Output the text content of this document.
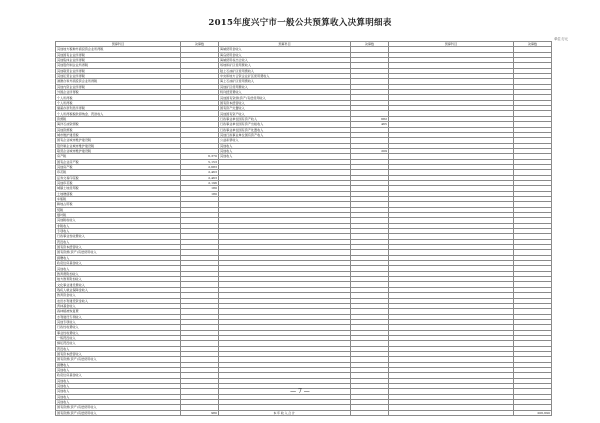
2015年度兴宁市一般公共预算收入决算明细表
单位:万元
预算科目	决算数	预算科目	决算数	预算科目	决算数
其他地方税种外商投资企业所得税		海域使用金收入			
其他国有企业所得税		海岛使用金收入			
其他集体企业所得税		海域使用权出让收入			
其他股份制企业所得税		场地和矿区使用费收入			
其他联营企业所得税		陆上石油矿区使用费收入			
其他私营企业所得税		中央和地方合资企业矿区使用费收入			
港澳台和外商投资企业所得税		海上石油矿区使用费收入			
其他内资企业所得税		其他矿区使用费收入			
外国企业所得税		特许经营费收入			
个人所得税		其他国有资源(资产)有偿使用收入			
个人所得税		国有资本经营收入			
储蓄存款利息所得税		国有资产处置收入			
个人所得税税款滞纳金、罚款收入		其他国有资产收入			
资源税		行政事业单位国有资产收入	682		
海洋石油资源税		行政事业单位国有资产出租收入	465		
其他资源税		行政事业单位国有资产处置收入			
城市维护建设税		其他行政事业单位国有资产收入			
国有企业城市维护建设税		公益彩票收入			
股份制企业城市维护建设税		其他收入			
联营企业城市维护建设税		其他收入	209		
房产税	6,370	其他收入			
国有企业房产税	5,153				
其他房产税	2,683				
印花税	2,463				
证券交易印花税	2,463				
其他印花税	2,196				
城镇土地使用税	180				
土地增值税	180				
车船税					
耕地占用税					
契税					
烟叶税					
其他税收收入					
非税收入					
专项收入					
行政事业性收费收入					
罚没收入					
国有资本经营收入					
国有资源(资产)有偿使用收入					
捐赠收入					
政府住房基金收入					
其他收入					
教育费附加收入					
地方教育附加收入					
文化事业建设费收入					
残疾人就业保障金收入					
教育资金收入					
农田水利建设资金收入					
育林基金收入					
森林植被恢复费					
水利建设专项收入					
其他专项收入					
行政性收费收入					
事业性收费收入					
一般罚没收入					
缉私罚没收入					
罚没收入					
国有资本经营收入					
国有资源(资产)有偿使用收入					
捐赠收入					
其他收入					
政府住房基金收入					
其他收入					
其他收入					
其他收入					
其他收入					
其他收入					
国有资源(资产)有偿使用收入					
国有资源(资产)有偿使用收入	980	本年收入合计			206,690
— 7 —
